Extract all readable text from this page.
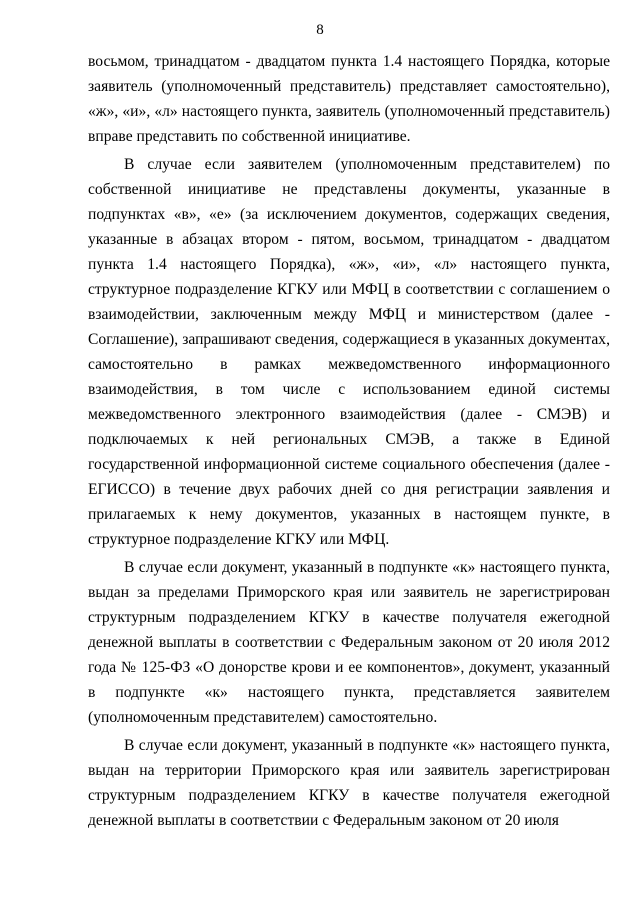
8

восьмом, тринадцатом - двадцатом пункта 1.4 настоящего Порядка, которые заявитель (уполномоченный представитель) представляет самостоятельно), «ж», «и», «л» настоящего пункта, заявитель (уполномоченный представитель) вправе представить по собственной инициативе.

В случае если заявителем (уполномоченным представителем) по собственной инициативе не представлены документы, указанные в подпунктах «в», «е» (за исключением документов, содержащих сведения, указанные в абзацах втором - пятом, восьмом, тринадцатом - двадцатом пункта 1.4 настоящего Порядка), «ж», «и», «л» настоящего пункта, структурное подразделение КГКУ или МФЦ в соответствии с соглашением о взаимодействии, заключенным между МФЦ и министерством (далее - Соглашение), запрашивают сведения, содержащиеся в указанных документах, самостоятельно в рамках межведомственного информационного взаимодействия, в том числе с использованием единой системы межведомственного электронного взаимодействия (далее - СМЭВ) и подключаемых к ней региональных СМЭВ, а также в Единой государственной информационной системе социального обеспечения (далее - ЕГИССО) в течение двух рабочих дней со дня регистрации заявления и прилагаемых к нему документов, указанных в настоящем пункте, в структурное подразделение КГКУ или МФЦ.

В случае если документ, указанный в подпункте «к» настоящего пункта, выдан за пределами Приморского края или заявитель не зарегистрирован структурным подразделением КГКУ в качестве получателя ежегодной денежной выплаты в соответствии с Федеральным законом от 20 июля 2012 года № 125-ФЗ «О донорстве крови и ее компонентов», документ, указанный в подпункте «к» настоящего пункта, представляется заявителем (уполномоченным представителем) самостоятельно.

В случае если документ, указанный в подпункте «к» настоящего пункта, выдан на территории Приморского края или заявитель зарегистрирован структурным подразделением КГКУ в качестве получателя ежегодной денежной выплаты в соответствии с Федеральным законом от 20 июля
